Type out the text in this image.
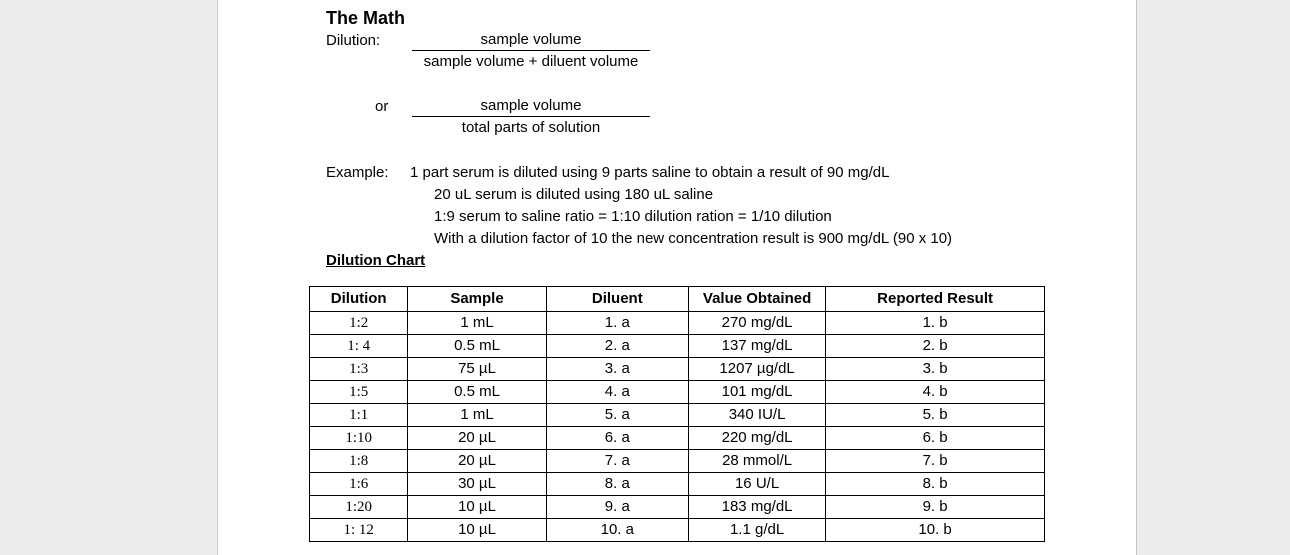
The Math
Dilution:	sample volume
sample volume + diluent volume
or	sample volume
total parts of solution
Example: 1 part serum is diluted using 9 parts saline to obtain a result of 90 mg/dL
20 uL serum is diluted using 180 uL saline
1:9 serum to saline ratio = 1:10 dilution ration = 1/10 dilution
With a dilution factor of 10 the new concentration result is 900 mg/dL (90 x 10)
Dilution Chart
Dilution	Sample	Diluent	Value Obtained	Reported Result
1:2	1 mL	1. a	270 mg/dL	1. b
1: 4	0.5 mL	2. a	137 mg/dL	2. b
1:3	75 µL	3. a	1207 µg/dL	3. b
1:5	0.5 mL	4. a	101 mg/dL	4. b
1:1	1 mL	5. a	340 IU/L	5. b
1:10	20 µL	6. a	220 mg/dL	6. b
1:8	20 µL	7. a	28 mmol/L	7. b
1:6	30 µL	8. a	16 U/L	8. b
1:20	10 µL	9. a	183 mg/dL	9. b
1: 12	10 µL	10. a	1.1 g/dL	10. b
